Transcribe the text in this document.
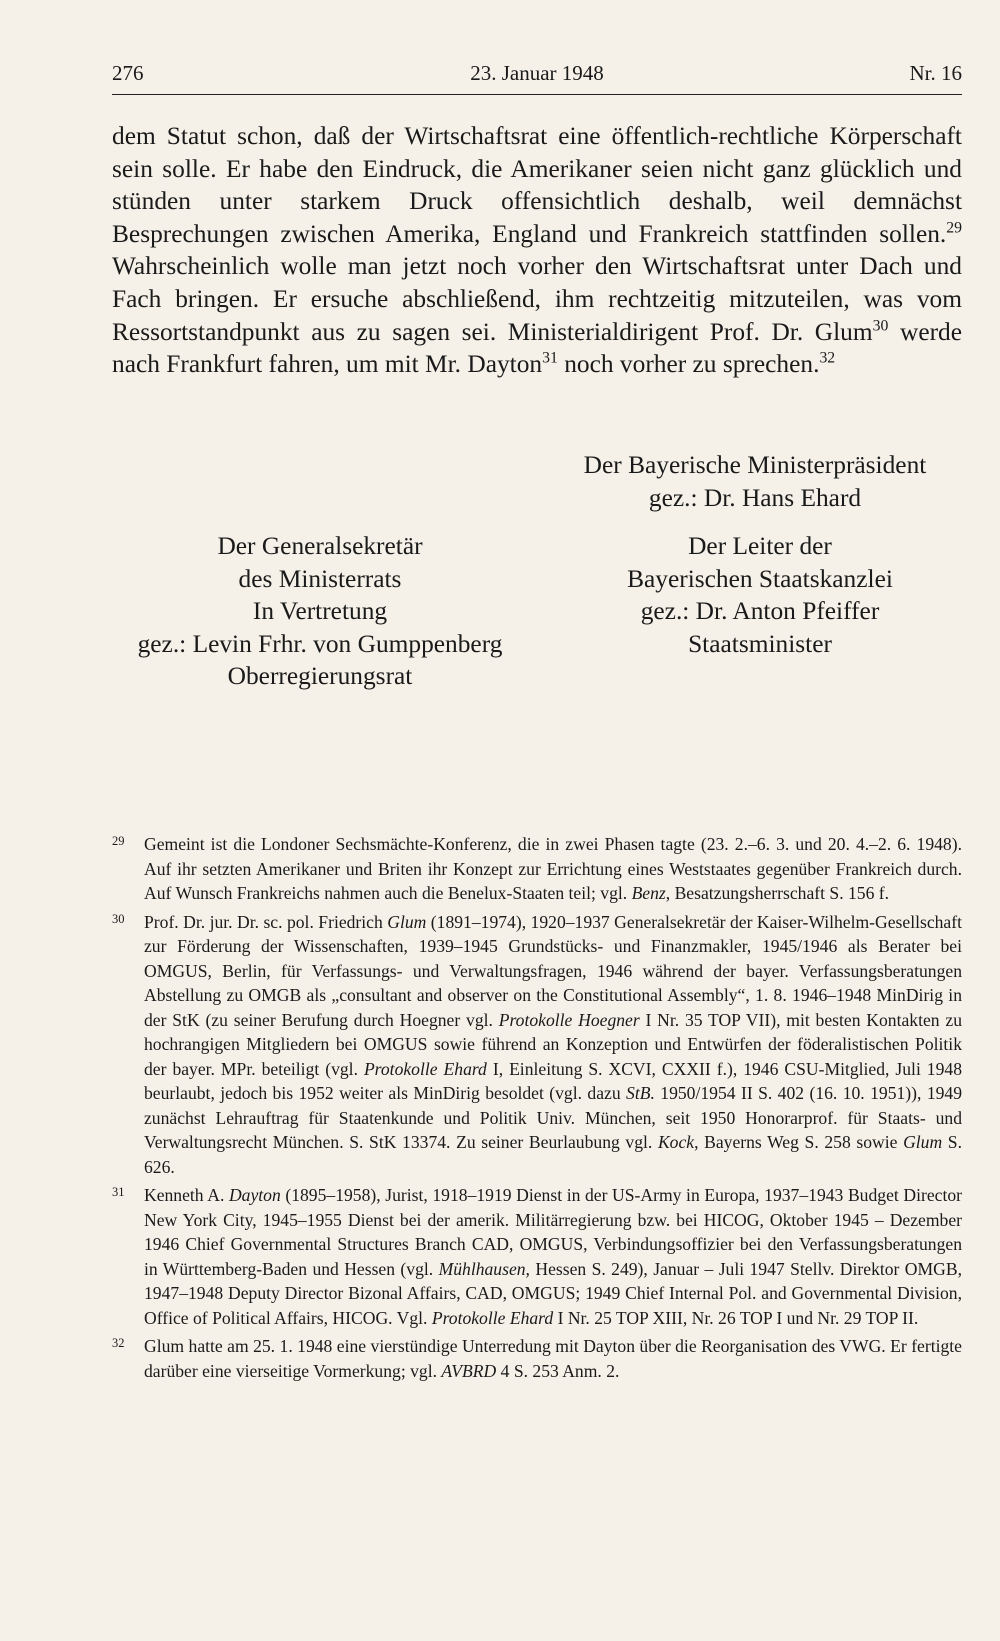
276	23. Januar 1948	Nr. 16

dem Statut schon, daß der Wirtschaftsrat eine öffentlich-rechtliche Körperschaft sein solle. Er habe den Eindruck, die Amerikaner seien nicht ganz glücklich und stünden unter starkem Druck offensichtlich deshalb, weil demnächst Besprechungen zwischen Amerika, England und Frankreich stattfinden sollen.$^{29}$ Wahrscheinlich wolle man jetzt noch vorher den Wirtschaftsrat unter Dach und Fach bringen. Er ersuche abschließend, ihm rechtzeitig mitzuteilen, was vom Ressortstandpunkt aus zu sagen sei. Ministerialdirigent Prof. Dr. Glum$^{30}$ werde nach Frankfurt fahren, um mit Mr. Dayton$^{31}$ noch vorher zu sprechen.$^{32}$

Der Bayerische Ministerpräsident
gez.: Dr. Hans Ehard
Der Generalsekretär
des Ministerrats
In Vertretung
gez.: Levin Frhr. von Gumppenberg
Oberregierungsrat
Der Leiter der
Bayerischen Staatskanzlei
gez.: Dr. Anton Pfeiffer
Staatsminister

29 Gemeint ist die Londoner Sechsmächte-Konferenz, die in zwei Phasen tagte (23. 2.–6. 3. und 20. 4.–2. 6. 1948). Auf ihr setzten Amerikaner und Briten ihr Konzept zur Errichtung eines Weststaates gegenüber Frankreich durch. Auf Wunsch Frankreichs nahmen auch die Benelux-Staaten teil; vgl. Benz, Besatzungsherrschaft S. 156 f.

30 Prof. Dr. jur. Dr. sc. pol. Friedrich Glum (1891–1974), 1920–1937 Generalsekretär der Kaiser-Wilhelm-Gesellschaft zur Förderung der Wissenschaften, 1939–1945 Grundstücks- und Finanzmakler, 1945/1946 als Berater bei OMGUS, Berlin, für Verfassungs- und Verwaltungsfragen, 1946 während der bayer. Verfassungsberatungen Abstellung zu OMGB als „consultant and observer on the Constitutional Assembly“, 1. 8. 1946–1948 MinDirig in der StK (zu seiner Berufung durch Hoegner vgl. Protokolle Hoegner I Nr. 35 TOP VII), mit besten Kontakten zu hochrangigen Mitgliedern bei OMGUS sowie führend an Konzeption und Entwürfen der föderalistischen Politik der bayer. MPr. beteiligt (vgl. Protokolle Ehard I, Einleitung S. XCVI, CXXII f.), 1946 CSU-Mitglied, Juli 1948 beurlaubt, jedoch bis 1952 weiter als MinDirig besoldet (vgl. dazu StB. 1950/1954 II S. 402 (16. 10. 1951)), 1949 zunächst Lehrauftrag für Staatenkunde und Politik Univ. München, seit 1950 Honorarprof. für Staats- und Verwaltungsrecht München. S. StK 13374. Zu seiner Beurlaubung vgl. Kock, Bayerns Weg S. 258 sowie Glum S. 626.

31 Kenneth A. Dayton (1895–1958), Jurist, 1918–1919 Dienst in der US-Army in Europa, 1937–1943 Budget Director New York City, 1945–1955 Dienst bei der amerik. Militärregierung bzw. bei HICOG, Oktober 1945 – Dezember 1946 Chief Governmental Structures Branch CAD, OMGUS, Verbindungsoffizier bei den Verfassungsberatungen in Württemberg-Baden und Hessen (vgl. Mühlhausen, Hessen S. 249), Januar – Juli 1947 Stellv. Direktor OMGB, 1947–1948 Deputy Director Bizonal Affairs, CAD, OMGUS; 1949 Chief Internal Pol. and Governmental Division, Office of Political Affairs, HICOG. Vgl. Protokolle Ehard I Nr. 25 TOP XIII, Nr. 26 TOP I und Nr. 29 TOP II.

32 Glum hatte am 25. 1. 1948 eine vierstündige Unterredung mit Dayton über die Reorganisation des VWG. Er fertigte darüber eine vierseitige Vormerkung; vgl. AVBRD 4 S. 253 Anm. 2.
